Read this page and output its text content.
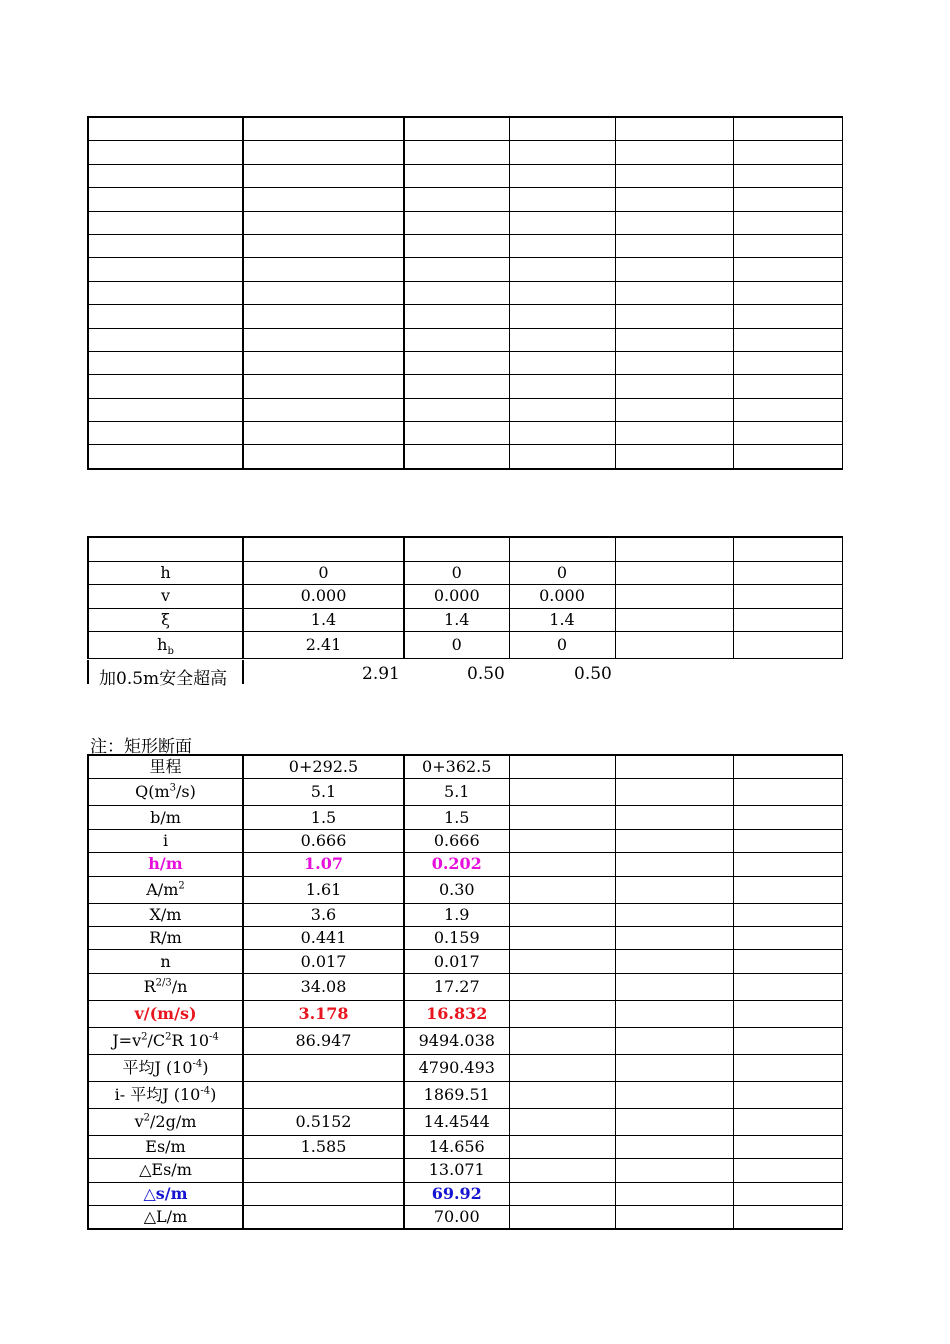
h	0	0	0		
v	0.000	0.000	0.000		
ξ	1.4	1.4	1.4		
$h_b$	2.41	0	0		
加0.5m安全超高	2.91	0.50	0.50
注：矩形断面
里程	0+292.5	0+362.5			
$Q(m^3/s)$	5.1	5.1			
b/m	1.5	1.5			
i	0.666	0.666			
h/m	1.07	0.202			
$A/m^2$	1.61	0.30			
X/m	3.6	1.9			
R/m	0.441	0.159			
n	0.017	0.017			
$R^{2/3}/n$	34.08	17.27			
v/(m/s)	3.178	16.832			
$J=v^2/C^2R$ $10^{-4}$	86.947	9494.038			
平均J $(10^{-4})$		4790.493			
i- 平均J $(10^{-4})$		1869.51			
$v^2/2g/m$	0.5152	14.4544			
Es/m	1.585	14.656			
△Es/m		13.071			
△s/m		69.92			
△L/m		70.00			
